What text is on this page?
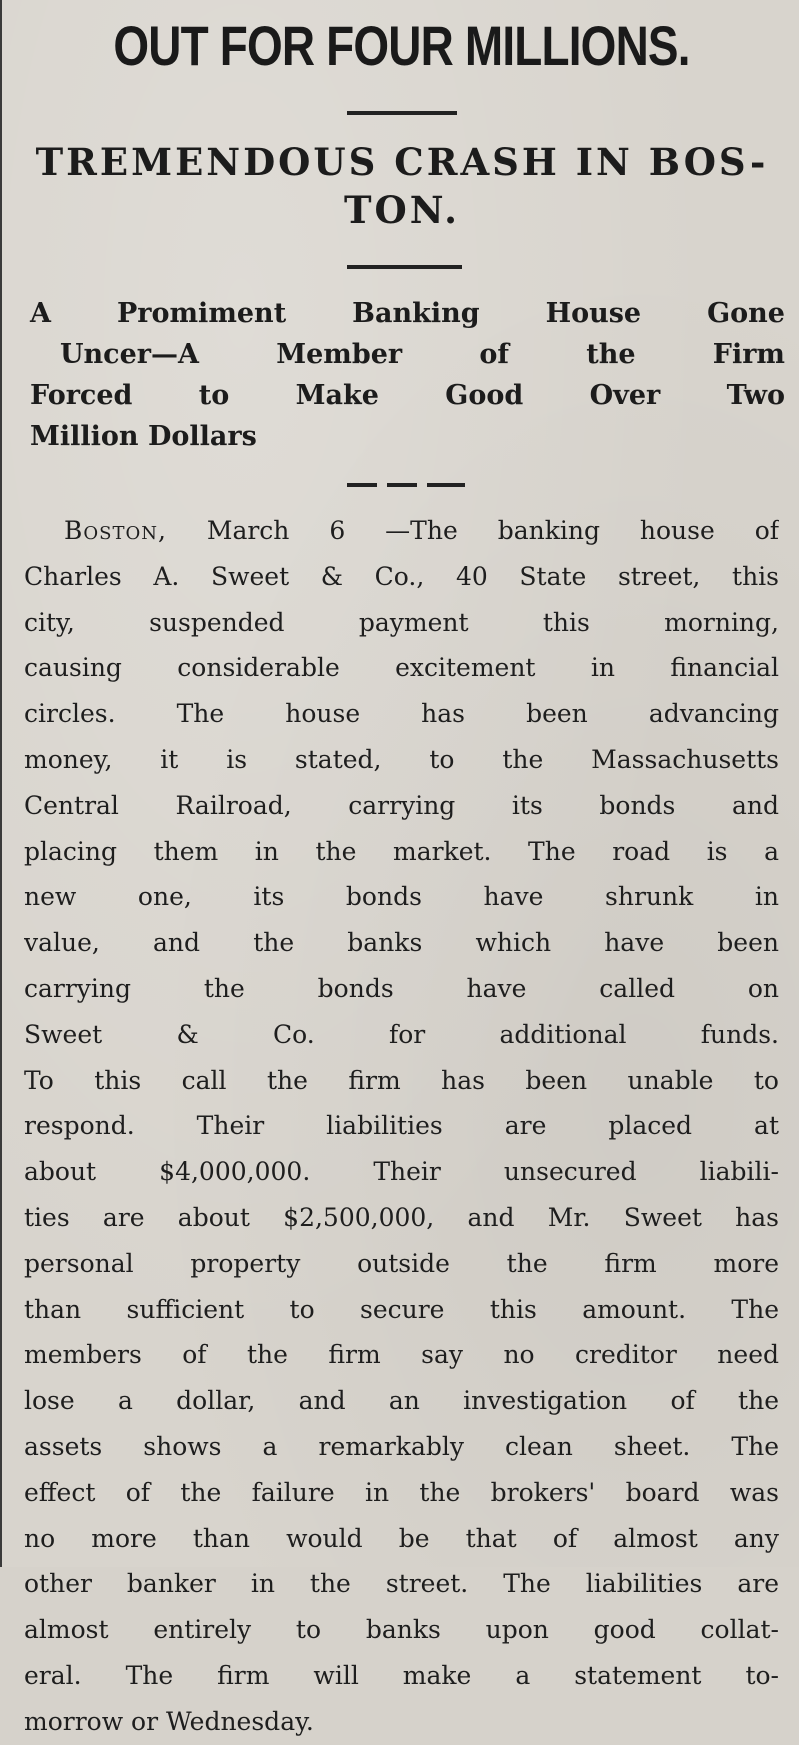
OUT FOR FOUR MILLIONS.
TREMENDOUS CRASH IN BOS-
TON.
A Promiment Banking House Gone
Uncer—A Member of the Firm
Forced to Make Good Over Two
Million Dollars
Boston, March 6 —The banking house of
Charles A. Sweet & Co., 40 State street, this
city, suspended payment this morning,
causing considerable excitement in financial
circles. The house has been advancing
money, it is stated, to the Massachusetts
Central Railroad, carrying its bonds and
placing them in the market. The road is a
new one, its bonds have shrunk in
value, and the banks which have been
carrying the bonds have called on
Sweet & Co. for additional funds.
To this call the firm has been unable to
respond. Their liabilities are placed at
about $4,000,000. Their unsecured liabili-
ties are about $2,500,000, and Mr. Sweet has
personal property outside the firm more
than sufficient to secure this amount. The
members of the firm say no creditor need
lose a dollar, and an investigation of the
assets shows a remarkably clean sheet. The
effect of the failure in the brokers' board was
no more than would be that of almost any
other banker in the street. The liabilities are
almost entirely to banks upon good collat-
eral. The firm will make a statement to-
morrow or Wednesday.
